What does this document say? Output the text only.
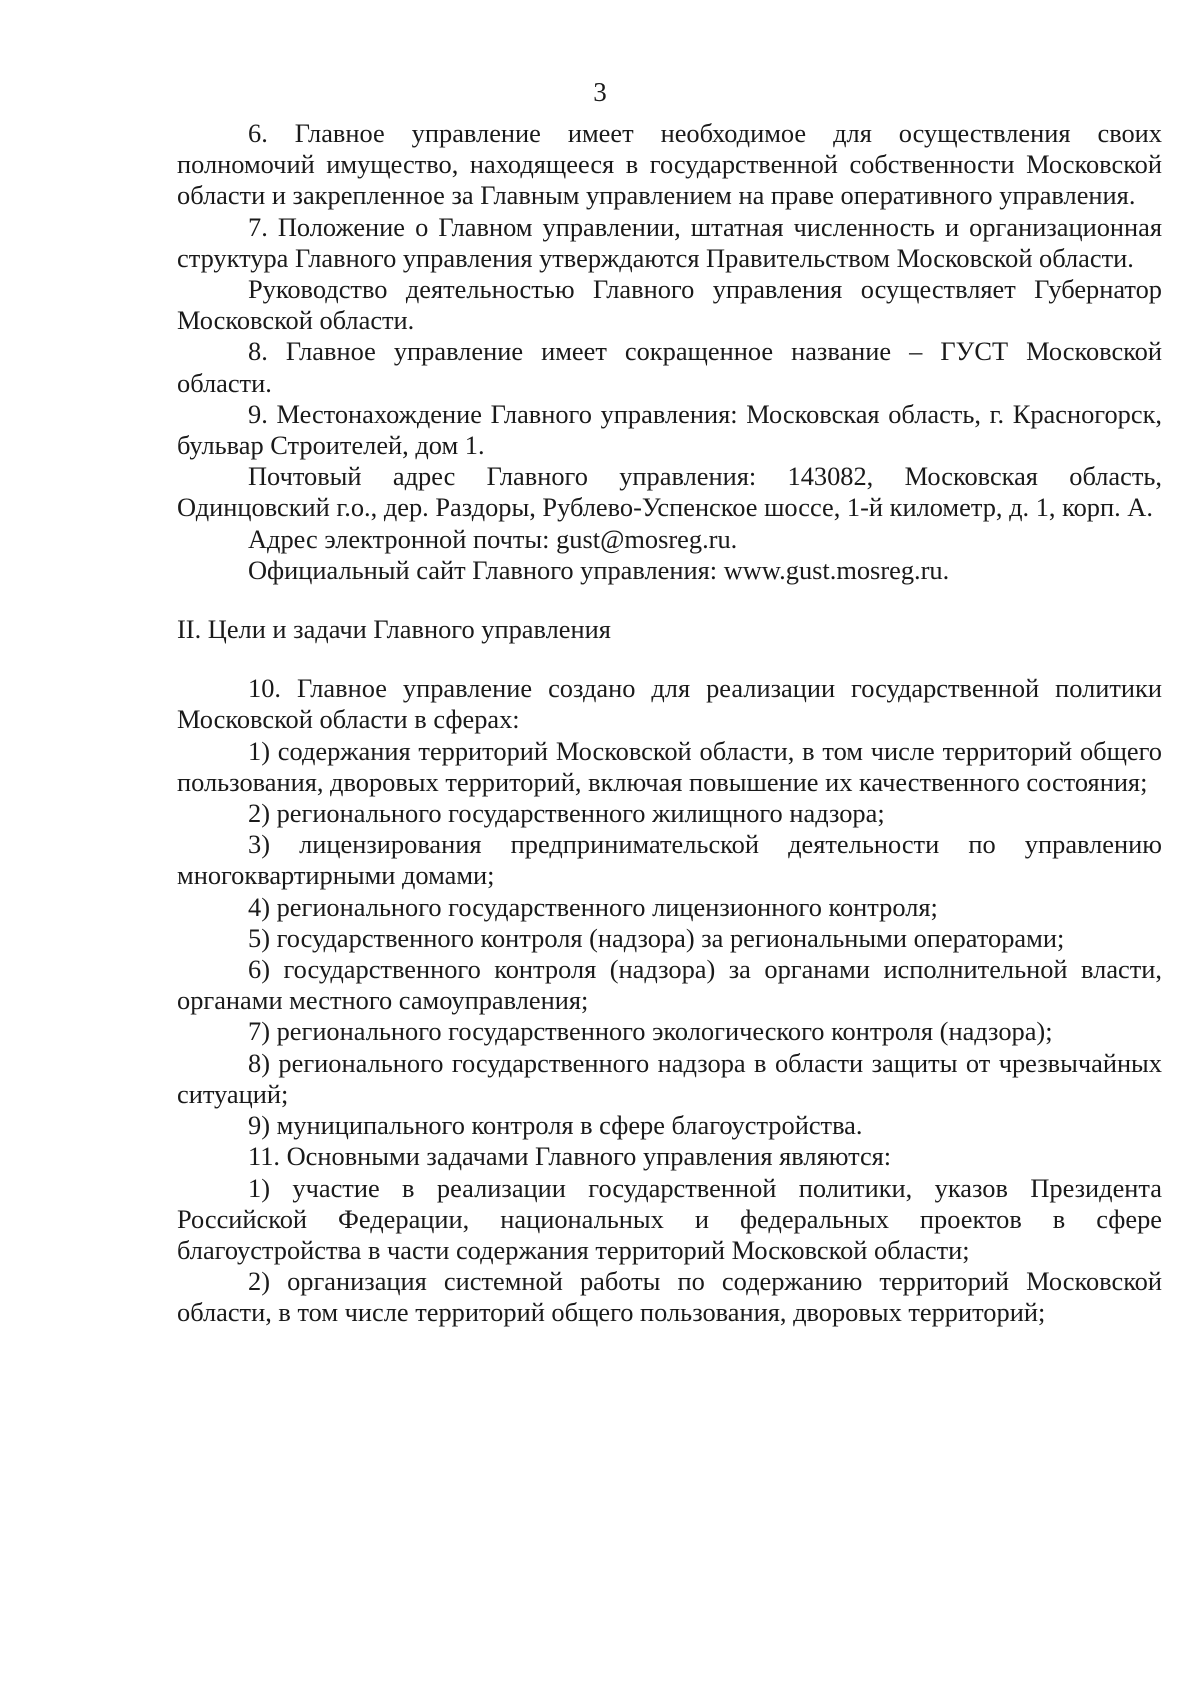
3

6. Главное управление имеет необходимое для осуществления своих полномочий имущество, находящееся в государственной собственности Московской области и закрепленное за Главным управлением на праве оперативного управления.

7. Положение о Главном управлении, штатная численность и организационная структура Главного управления утверждаются Правительством Московской области.

Руководство деятельностью Главного управления осуществляет Губернатор Московской области.

8. Главное управление имеет сокращенное название – ГУСТ Московской области.

9. Местонахождение Главного управления: Московская область, г. Красногорск, бульвар Строителей, дом 1.

Почтовый адрес Главного управления: 143082, Московская область, Одинцовский г.о., дер. Раздоры, Рублево-Успенское шоссе, 1-й километр, д. 1, корп. А.

Адрес электронной почты: gust@mosreg.ru.

Официальный сайт Главного управления: www.gust.mosreg.ru.

II. Цели и задачи Главного управления

10. Главное управление создано для реализации государственной политики Московской области в сферах:

1) содержания территорий Московской области, в том числе территорий общего пользования, дворовых территорий, включая повышение их качественного состояния;

2) регионального государственного жилищного надзора;

3) лицензирования предпринимательской деятельности по управлению многоквартирными домами;

4) регионального государственного лицензионного контроля;

5) государственного контроля (надзора) за региональными операторами;

6) государственного контроля (надзора) за органами исполнительной власти, органами местного самоуправления;

7) регионального государственного экологического контроля (надзора);

8) регионального государственного надзора в области защиты от чрезвычайных ситуаций;

9) муниципального контроля в сфере благоустройства.

11. Основными задачами Главного управления являются:

1) участие в реализации государственной политики, указов Президента Российской Федерации, национальных и федеральных проектов в сфере благоустройства в части содержания территорий Московской области;

2) организация системной работы по содержанию территорий Московской области, в том числе территорий общего пользования, дворовых территорий;
